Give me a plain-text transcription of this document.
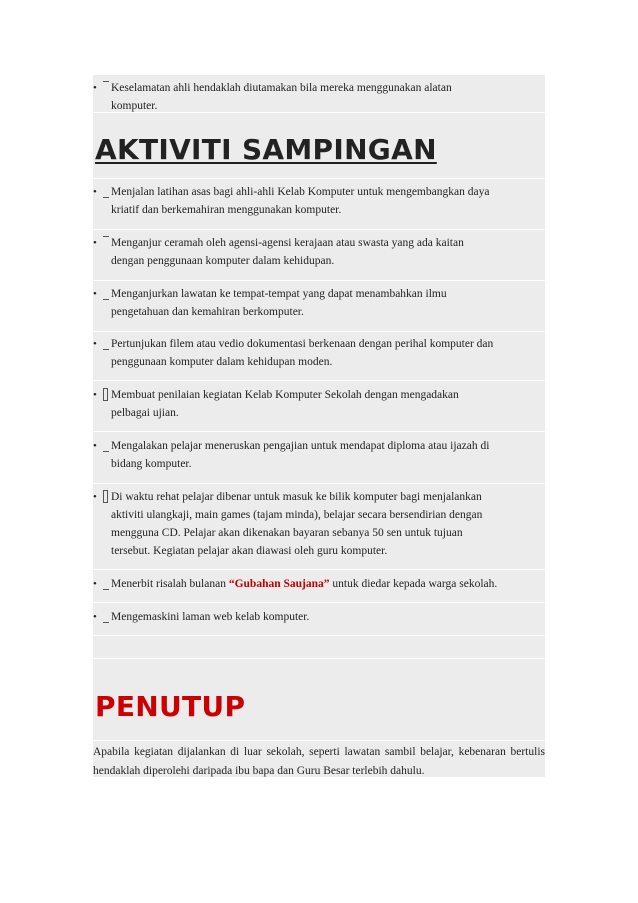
•	Keselamatan ahli hendaklah diutamakan bila mereka menggunakan alatan
komputer.
AKTIVITI SAMPINGAN
•	Menjalan latihan asas bagi ahli-ahli Kelab Komputer untuk mengembangkan daya
kriatif dan berkemahiran menggunakan komputer.
•	Menganjur ceramah oleh agensi-agensi kerajaan atau swasta yang ada kaitan
dengan penggunaan komputer dalam kehidupan.
•	Menganjurkan lawatan ke tempat-tempat yang dapat menambahkan ilmu
pengetahuan dan kemahiran berkomputer.
•	Pertunjukan filem atau vedio dokumentasi berkenaan dengan perihal komputer dan
penggunaan komputer dalam kehidupan moden.
•	Membuat penilaian kegiatan Kelab Komputer Sekolah dengan mengadakan
pelbagai ujian.
•	Mengalakan pelajar meneruskan pengajian untuk mendapat diploma atau ijazah di
bidang komputer.
•	Di waktu rehat pelajar dibenar untuk masuk ke bilik komputer bagi menjalankan
aktiviti ulangkaji, main games (tajam minda), belajar secara bersendirian dengan
mengguna CD. Pelajar akan dikenakan bayaran sebanya 50 sen untuk tujuan
tersebut. Kegiatan pelajar akan diawasi oleh guru komputer.
•	Menerbit risalah bulanan “Gubahan Saujana” untuk diedar kepada warga sekolah.
•	Mengemaskini laman web kelab komputer.
PENUTUP
Apabila kegiatan dijalankan di luar sekolah, seperti lawatan sambil belajar, kebenaran bertulis hendaklah diperolehi daripada ibu bapa dan Guru Besar terlebih dahulu.
